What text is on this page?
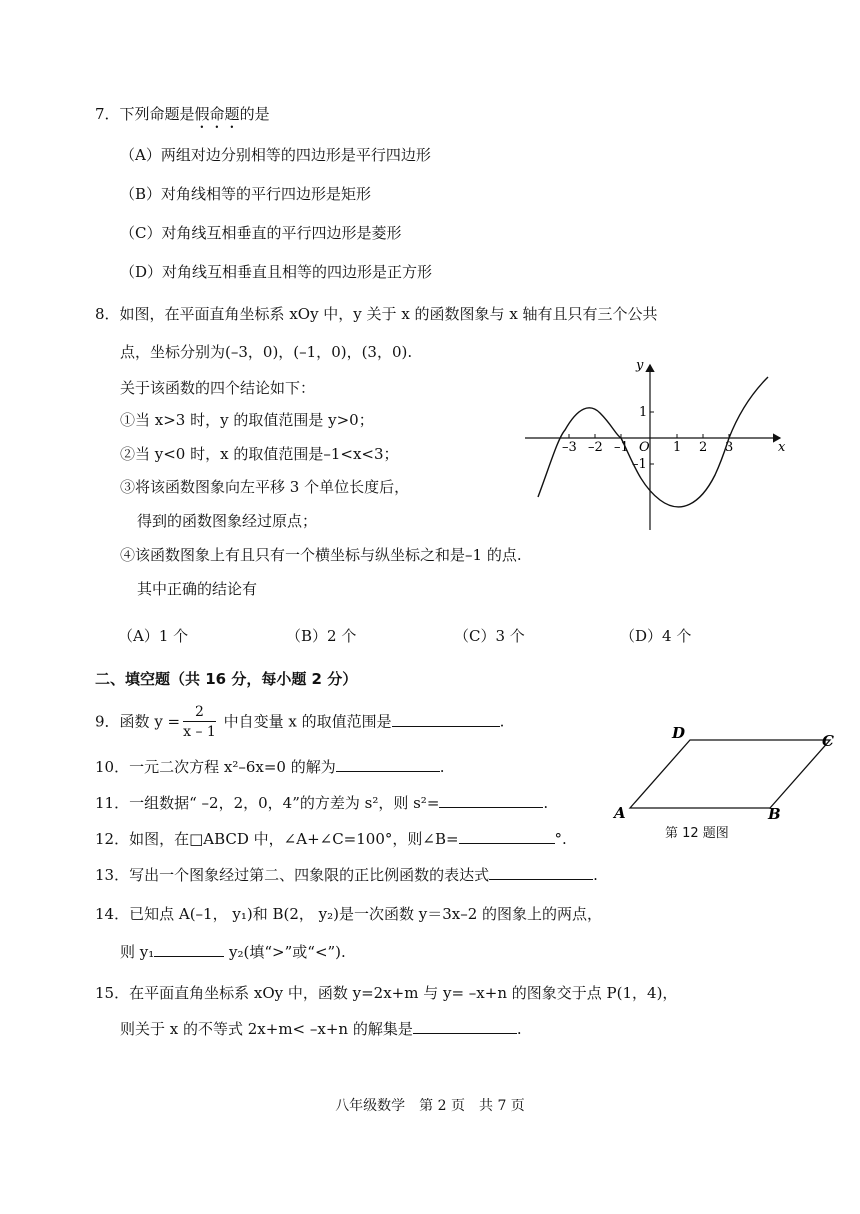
7．下列命题是假命题的是
（A）两组对边分别相等的四边形是平行四边形
（B）对角线相等的平行四边形是矩形
（C）对角线互相垂直的平行四边形是菱形
（D）对角线互相垂直且相等的四边形是正方形
8．如图，在平面直角坐标系 xOy 中，y 关于 x 的函数图象与 x 轴有且只有三个公共
点，坐标分别为(–3，0)，(–1，0)，(3，0).
关于该函数的四个结论如下：
①当 x>3 时，y 的取值范围是 y>0；
②当 y<0 时，x 的取值范围是–1<x<3；
③将该函数图象向左平移 3 个单位长度后，
得到的函数图象经过原点；
④该函数图象上有且只有一个横坐标与纵坐标之和是–1 的点.
其中正确的结论有
（A）1 个	（B）2 个	（C）3 个	（D）4 个
x
y
O
–3 –2 –1	1 2 3
1
–1
二、填空题（共 16 分，每小题 2 分）
9．函数 $y = \frac{2}{x - 1}$ 中自变量 x 的取值范围是	.
10．一元二次方程 x²–6x=0 的解为	.
11．一组数据“ –2，2，0，4”的方差为 s²，则 s²=	.
12．如图，在□ABCD 中，∠A+∠C=100°，则∠B=	°.
A	B
C
D
第 12 题图
13．写出一个图象经过第二、四象限的正比例函数的表达式	.
14．已知点 A(–1， y₁)和 B(2， y₂)是一次函数 y＝3x–2 的图象上的两点，
则 y₁	y₂(填“>”或“<”).
15．在平面直角坐标系 xOy 中，函数 y=2x+m 与 y= –x+n 的图象交于点 P(1，4)，
则关于 x 的不等式 2x+m< –x+n 的解集是	.
八年级数学　第 2 页　共 7 页
